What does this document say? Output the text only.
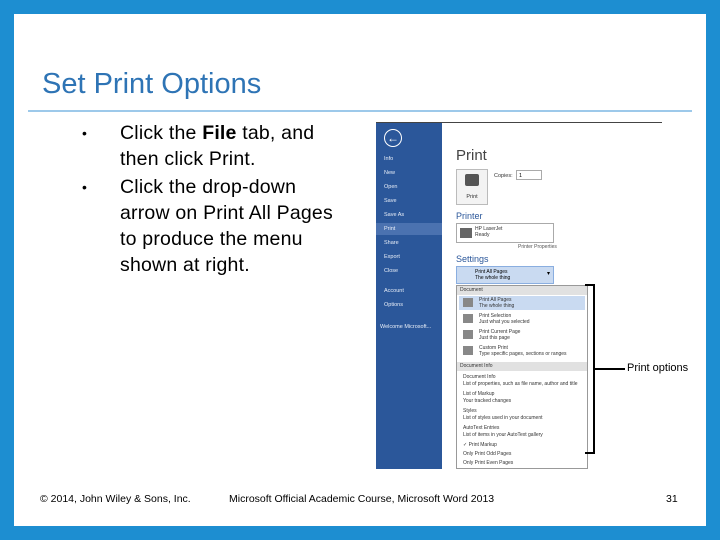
Set Print Options
• Click the File tab, and then click Print.
• Click the drop-down arrow on Print All Pages to produce the menu shown at right.
←
Info
New
Open
Save
Save As
Print
Share
Export
Close
Account
Options
Welcome Microsoft...
Print
Print
Copies:	1
Printer
HP LaserJet
Ready
Printer Properties
Settings
Print All Pages
The whole thing
▾
Document
Print All Pages
The whole thing
Print Selection
Just what you selected
Print Current Page
Just this page
Custom Print
Type specific pages, sections or ranges
Document Info
Document Info
List of properties, such as file name, author and title
List of Markup
Your tracked changes
Styles
List of styles used in your document
AutoText Entries
List of items in your AutoText gallery
✓ Print Markup
Only Print Odd Pages
Only Print Even Pages
Print options
© 2014, John Wiley & Sons, Inc.	Microsoft Official Academic Course, Microsoft Word 2013	31
